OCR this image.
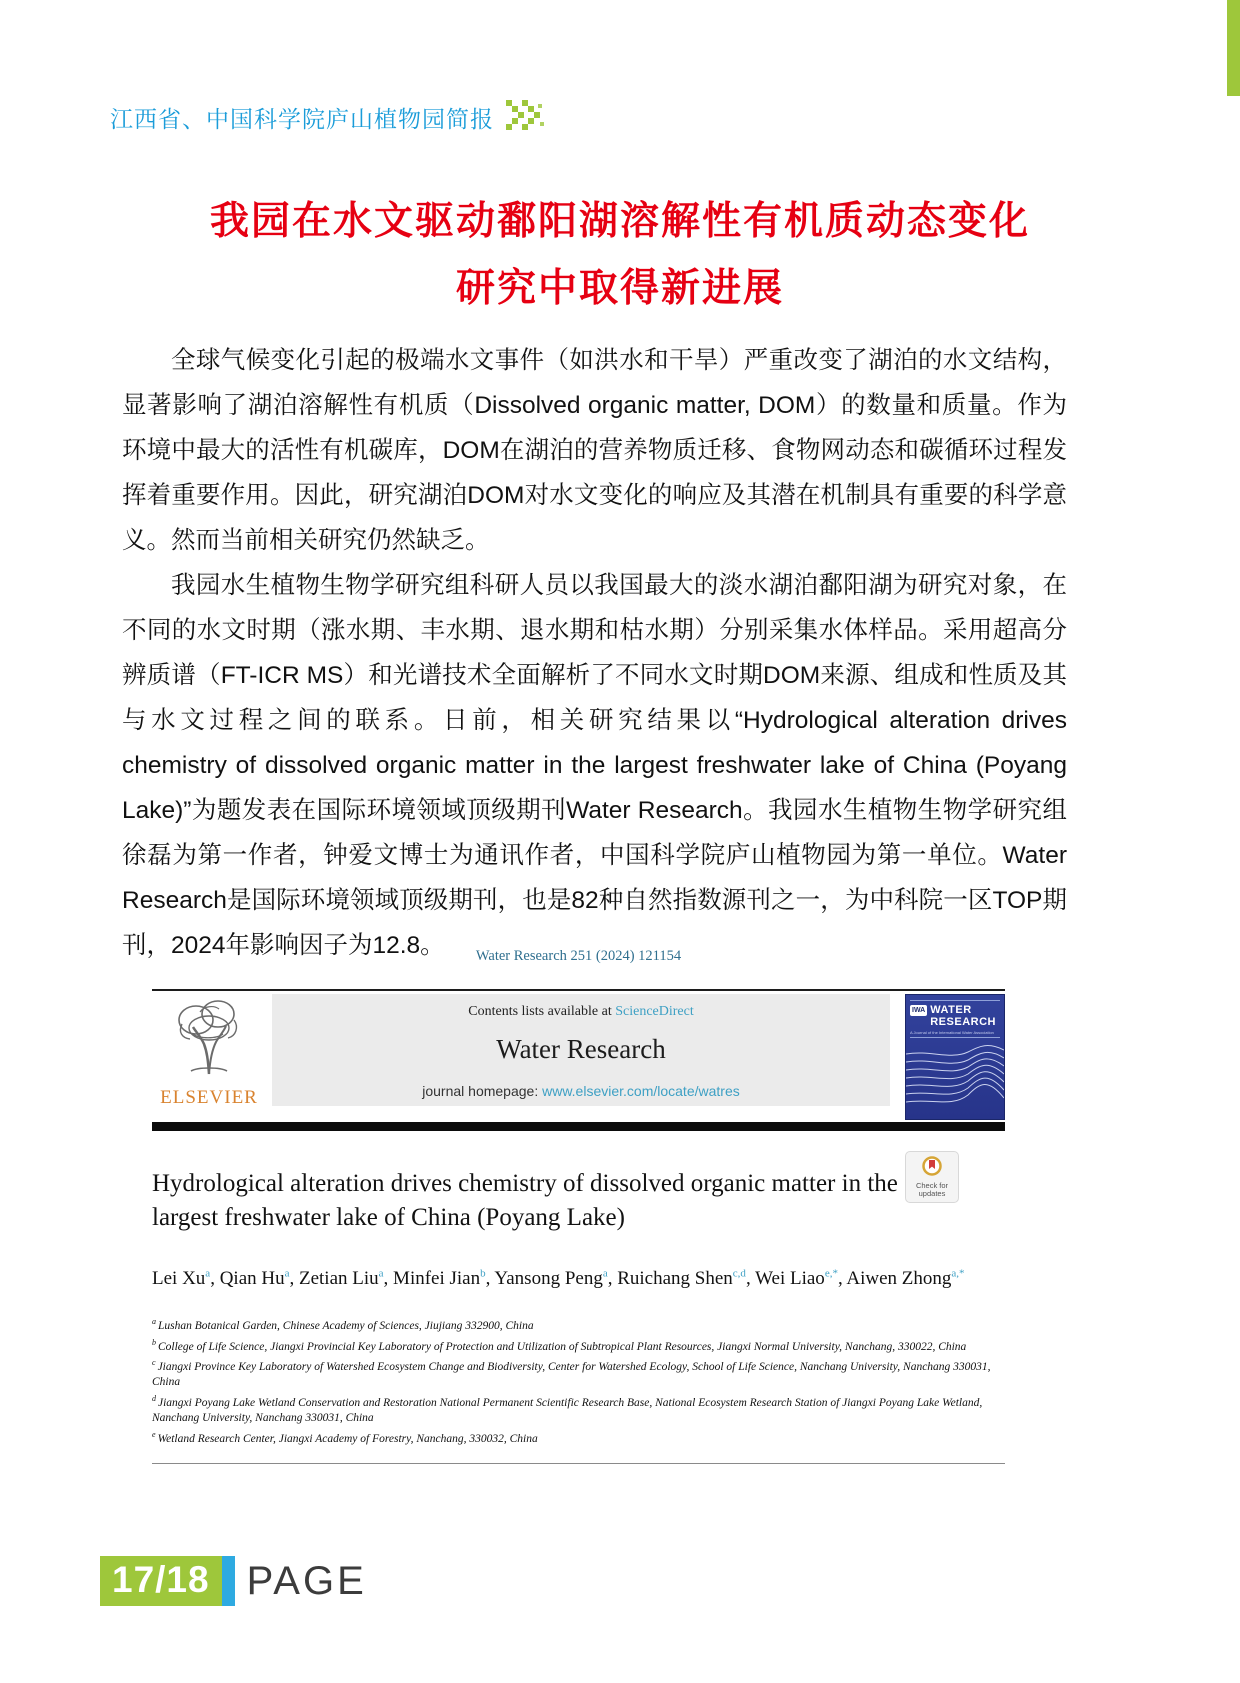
江西省、中国科学院庐山植物园简报
我园在水文驱动鄱阳湖溶解性有机质动态变化
研究中取得新进展

全球气候变化引起的极端水文事件（如洪水和干旱）严重改变了湖泊的水文结构，显著影响了湖泊溶解性有机质（Dissolved organic matter, DOM）的数量和质量。作为环境中最大的活性有机碳库，DOM在湖泊的营养物质迁移、食物网动态和碳循环过程发挥着重要作用。因此，研究湖泊DOM对水文变化的响应及其潜在机制具有重要的科学意义。然而当前相关研究仍然缺乏。

我园水生植物生物学研究组科研人员以我国最大的淡水湖泊鄱阳湖为研究对象，在不同的水文时期（涨水期、丰水期、退水期和枯水期）分别采集水体样品。采用超高分辨质谱（FT-ICR MS）和光谱技术全面解析了不同水文时期DOM来源、组成和性质及其与水文过程之间的联系。日前，相关研究结果以“Hydrological alteration drives chemistry of dissolved organic matter in the largest freshwater lake of China (Poyang Lake)”为题发表在国际环境领域顶级期刊Water Research。我园水生植物生物学研究组徐磊为第一作者，钟爱文博士为通讯作者，中国科学院庐山植物园为第一单位。Water Research是国际环境领域顶级期刊，也是82种自然指数源刊之一，为中科院一区TOP期刊，2024年影响因子为12.8。	Water Research 251 (2024) 121154
ELSEVIER
Contents lists available at ScienceDirect
Water Research
journal homepage: www.elsevier.com/locate/watres
IWA WATER
RESEARCH
A Journal of the International Water Association
Check for
updates
Hydrological alteration drives chemistry of dissolved organic matter in the largest freshwater lake of China (Poyang Lake)
Lei Xu$^a$ , Qian Hu$^a$ , Zetian Liu$^a$ , Minfei Jian$^b$ , Yansong Peng$^a$ , Ruichang Shen$^{c,d}$ , Wei Liao$^{e,*}$ , Aiwen Zhong$^{a,*}$
$^a$ Lushan Botanical Garden, Chinese Academy of Sciences, Jiujiang 332900, China
$^b$ College of Life Science, Jiangxi Provincial Key Laboratory of Protection and Utilization of Subtropical Plant Resources, Jiangxi Normal University, Nanchang, 330022, China
$^c$ Jiangxi Province Key Laboratory of Watershed Ecosystem Change and Biodiversity, Center for Watershed Ecology, School of Life Science, Nanchang University, Nanchang 330031, China
$^d$ Jiangxi Poyang Lake Wetland Conservation and Restoration National Permanent Scientific Research Base, National Ecosystem Research Station of Jiangxi Poyang Lake Wetland, Nanchang University, Nanchang 330031, China
$^e$ Wetland Research Center, Jiangxi Academy of Forestry, Nanchang, 330032, China
17/18 PAGE
